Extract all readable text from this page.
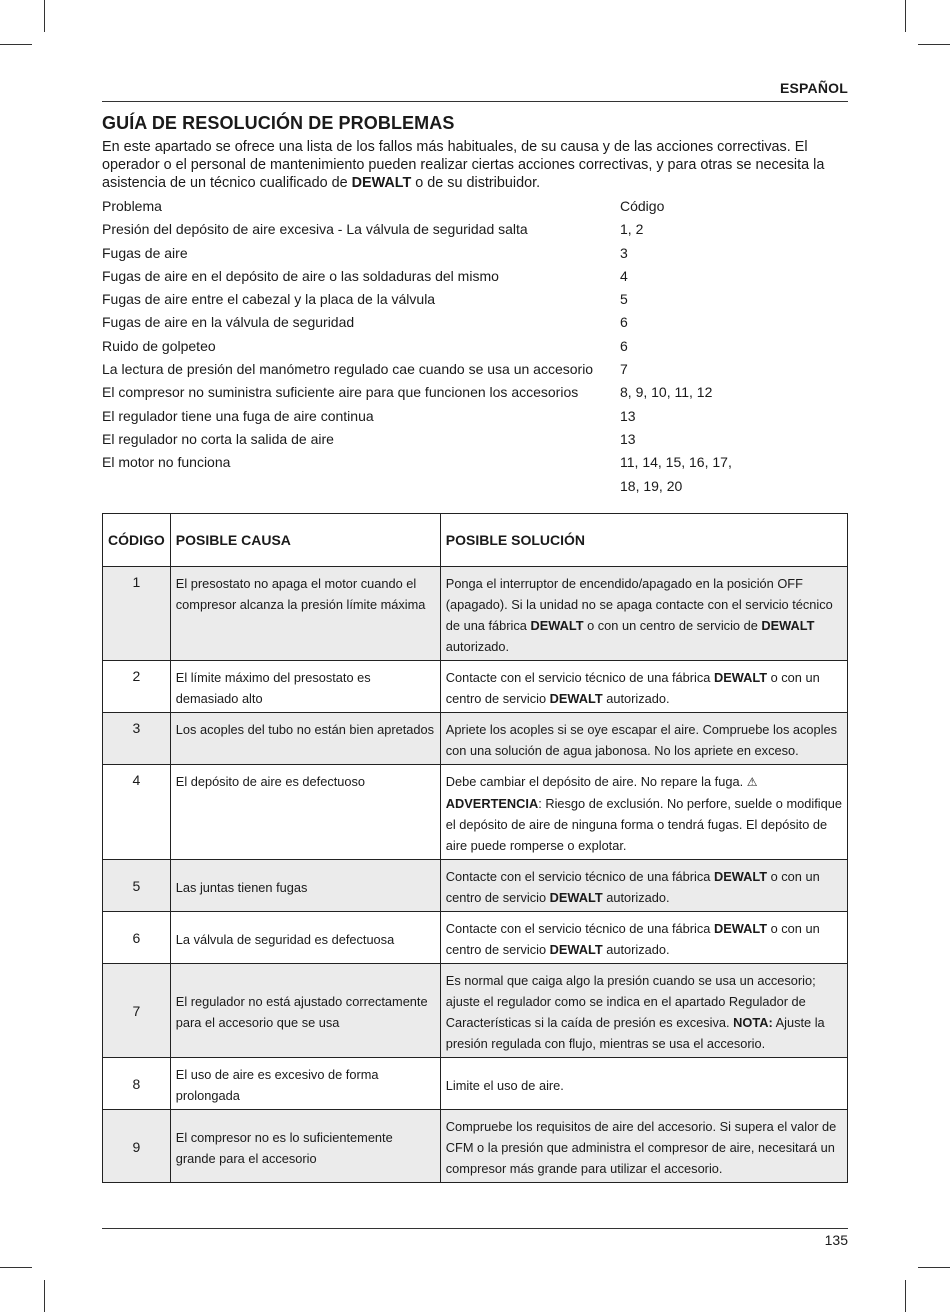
ESPAÑOL
GUÍA DE RESOLUCIÓN DE PROBLEMAS
En este apartado se ofrece una lista de los fallos más habituales, de su causa y de las acciones correctivas. El operador o el personal de mantenimiento pueden realizar ciertas acciones correctivas, y para otras se necesita la asistencia de un técnico cualificado de DEWALT o de su distribuidor.
Problema	Código
Presión del depósito de aire excesiva - La válvula de seguridad salta	1, 2
Fugas de aire	3
Fugas de aire en el depósito de aire o las soldaduras del mismo	4
Fugas de aire entre el cabezal y la placa de la válvula	5
Fugas de aire en la válvula de seguridad	6
Ruido de golpeteo	6
La lectura de presión del manómetro regulado cae cuando se usa un accesorio	7
El compresor no suministra suficiente aire para que funcionen los accesorios	8, 9, 10, 11, 12
El regulador tiene una fuga de aire continua	13
El regulador no corta la salida de aire	13
El motor no funciona	11, 14, 15, 16, 17,
18, 19, 20
CÓDIGO	POSIBLE CAUSA	POSIBLE SOLUCIÓN
1	El presostato no apaga el motor cuando el compresor alcanza la presión límite máxima	Ponga el interruptor de encendido/apagado en la posición OFF (apagado). Si la unidad no se apaga contacte con el servicio técnico de una fábrica DEWALT o con un centro de servicio de DEWALT autorizado.
2	El límite máximo del presostato es demasiado alto	Contacte con el servicio técnico de una fábrica DEWALT o con un centro de servicio DEWALT autorizado.
3	Los acoples del tubo no están bien apretados	Apriete los acoples si se oye escapar el aire. Compruebe los acoples con una solución de agua jabonosa. No los apriete en exceso.
4	El depósito de aire es defectuoso	Debe cambiar el depósito de aire. No repare la fuga. ⚠
ADVERTENCIA: Riesgo de exclusión. No perfore, suelde o modifique el depósito de aire de ninguna forma o tendrá fugas. El depósito de aire puede romperse o explotar.
5	Las juntas tienen fugas	Contacte con el servicio técnico de una fábrica DEWALT o con un centro de servicio DEWALT autorizado.
6	La válvula de seguridad es defectuosa	Contacte con el servicio técnico de una fábrica DEWALT o con un centro de servicio DEWALT autorizado.
7	El regulador no está ajustado correctamente para el accesorio que se usa	Es normal que caiga algo la presión cuando se usa un accesorio; ajuste el regulador como se indica en el apartado Regulador de Características si la caída de presión es excesiva. NOTA: Ajuste la presión regulada con flujo, mientras se usa el accesorio.
8	El uso de aire es excesivo de forma prolongada	Limite el uso de aire.
9	El compresor no es lo suficientemente grande para el accesorio	Compruebe los requisitos de aire del accesorio. Si supera el valor de CFM o la presión que administra el compresor de aire, necesitará un compresor más grande para utilizar el accesorio.
135
